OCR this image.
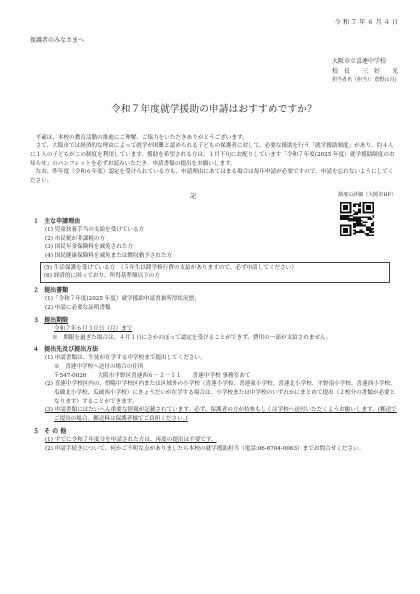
令 和 ７ 年 ６ 月 ４ 日
保護者のみなさまへ
大阪市立喜連中学校
校　長　　三　好　　光
担当者名（担当）：倉野(1月)
令和７年度就学援助の申請はおすすめですか？

平素は、本校の教育活動の推進にご理解、ご協力をいただきありがとうございます。

さて、大阪市では経済的な理由によって就学が困難と認められる子どもの保護者に対して、必要な援助を行う「就学援助制度」があり、約４人に１人の子どもがこの制度を利用しています。援助を希望される方は、１月下旬にお配りしています「令和７年度(2025 年度）就学援助制度のお知らせ」のパンフレットを必ずお読みいただき、申請書類の提出をお願いします。

なお、昨年度（令和６年度）認定を受けられている方も、申請理由にあてはまる場合は毎年申請が必要ですので、申請を忘れないようにしてください。

記	制度の詳細（大阪市HP）
１ 主な申請理由
(1) 児童扶養手当の支給を受けている方
(2) 市民税が非課税の方
(3) 国民年金保険料を減免された方
(4) 国民健康保険料を減免または徴収猶予された方
(5) 生活保護を受けている方　（５年生以降学修行費の支給がありますので、必ず申請してください）
(6) 経済的に困っており、所得基準額以下の方
２ 提出書類
(1)「令和７年度(2025 年度）就学援助申請書兼所得状況票」
(2) 申請に必要な証明書類
３ 提出期限
令和７年６月３０日（月）まで
※　期限を過ぎた場合は、４月１日にさかのぼって認定を受けることができず、費用の一部が支給されません。
４ 提出先及び提出方法
(1) 申請書類は、生徒が在学する中学校まで提出してください。
※　喜連中学校へ送付の場合の住所
〒547-0026　　大阪市平野区喜連西６－２－１１　　喜連中学校 事務室あて
(2) 喜連中学校区内の、摂陽中学校区内または区域外の小学校（喜連小学校、喜連東小学校、喜連北小学校、平野南小学校、喜連西小学校、瓜破北小学校、瓜破西小学校）にきょうだいが在学する場合は、小学校または中学校のいずれかにまとめて提出（２校分の書類が必要となります）することができます。
(3) 申請書類にはたいへん重要な情報が記載されています。必ず、保護者の方が持参もしくは学校へ送付いただくようお願いします。(郵送でご提出の場合、郵送料は保護者様でご負担ください。)
５ そ の 他
(1) すでに令和７年度分を申請された方は、再度の提出は不要です。
(2) 申請手続きについて、何かご不明な点がありましたら本校の就学援助担当（電話:06-6704-0063）までお問合せください。
